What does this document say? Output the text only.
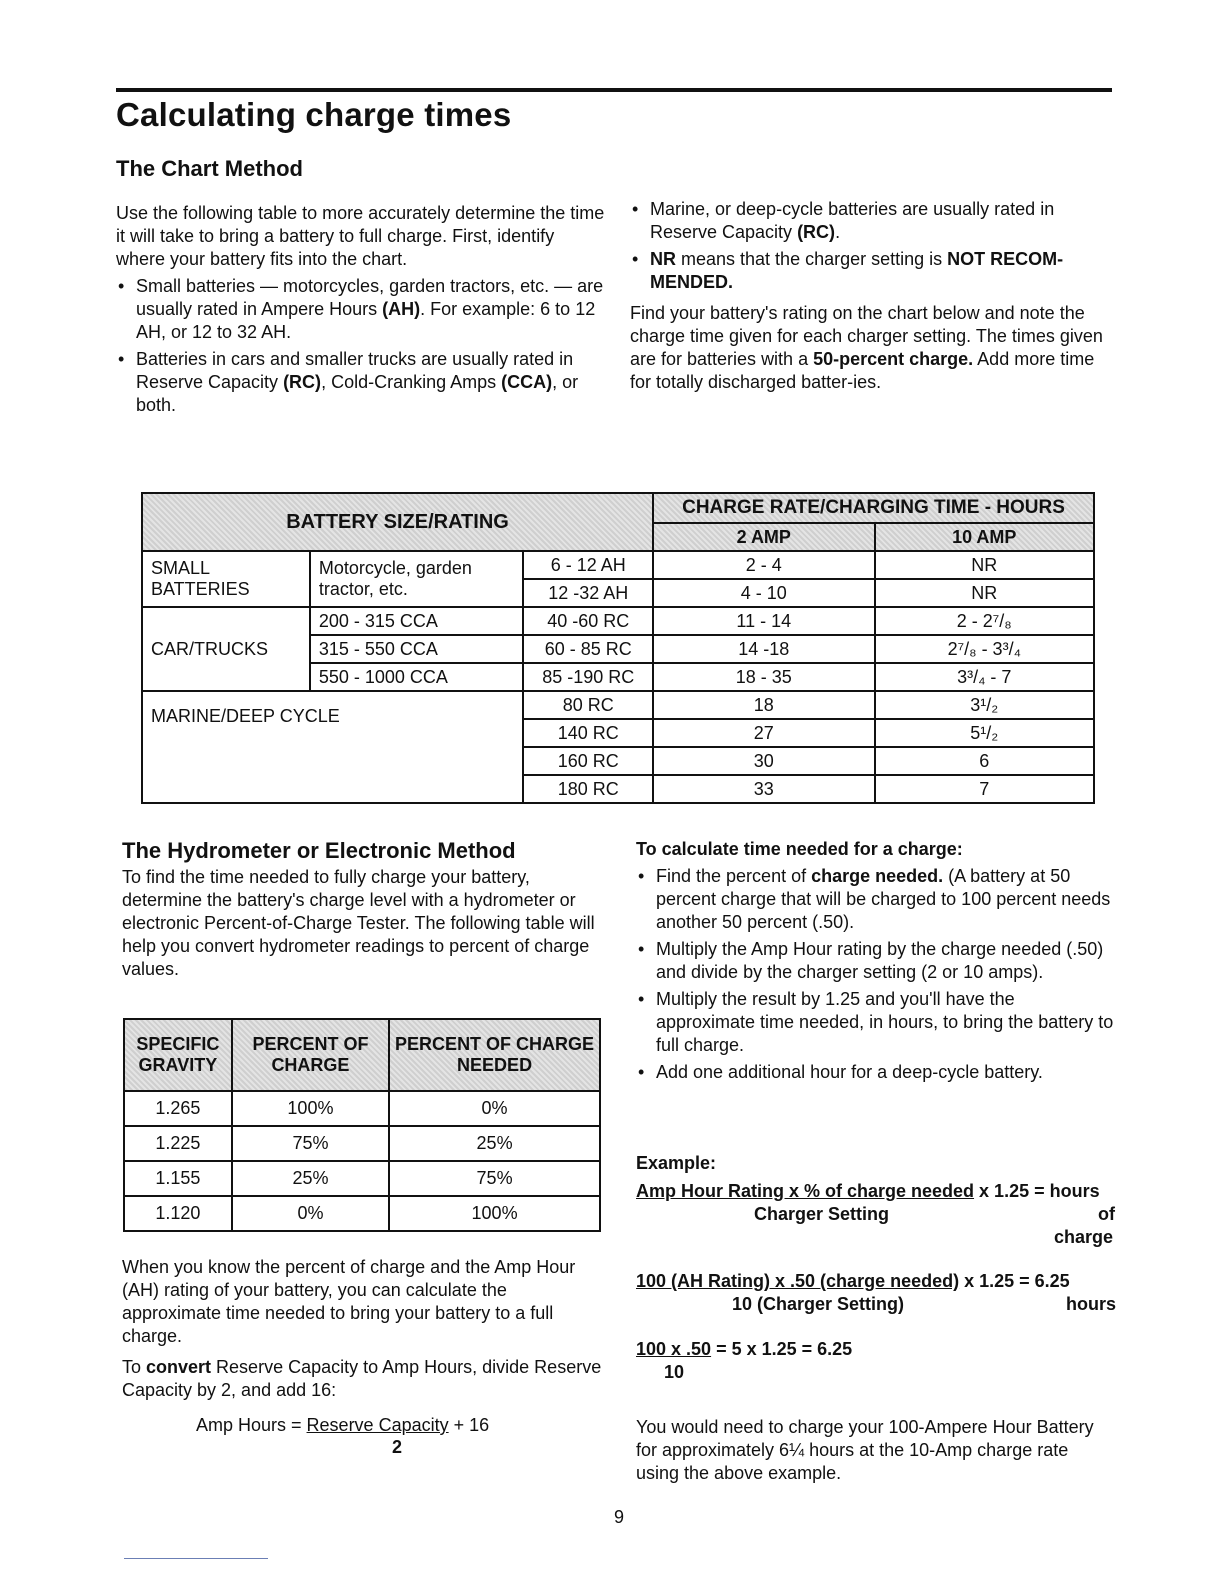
Calculating charge times
The Chart Method

Use the following table to more accurately determine the time it will take to bring a battery to full charge. First, identify where your battery fits into the chart.

• Small batteries — motorcycles, garden tractors, etc. — are usually rated in Ampere Hours (AH). For example: 6 to 12 AH, or 12 to 32 AH.
• Batteries in cars and smaller trucks are usually rated in Reserve Capacity (RC), Cold-Cranking Amps (CCA), or both.
• Marine, or deep-cycle batteries are usually rated in Reserve Capacity (RC).
• NR means that the charger setting is NOT RECOM-MENDED.

Find your battery's rating on the chart below and note the charge time given for each charger setting. The times given are for batteries with a 50-percent charge. Add more time for totally discharged batter-ies.

BATTERY SIZE/RATING			CHARGE RATE/CHARGING TIME - HOURS	
			2 AMP	10 AMP
SMALL BATTERIES	Motorcycle, garden tractor, etc.	6 - 12 AH	2 - 4	NR
		12 -32 AH	4 - 10	NR
CAR/TRUCKS	200 - 315 CCA	40 -60 RC	11 - 14	2 - 2⁷/₈
	315 - 550 CCA	60 - 85 RC	14 -18	2⁷/₈ - 3³/₄
	550 - 1000 CCA	85 -190 RC	18 - 35	3³/₄ - 7
MARINE/DEEP CYCLE		80 RC	18	3¹/₂
		140 RC	27	5¹/₂
		160 RC	30	6
		180 RC	33	7
The Hydrometer or Electronic Method
To find the time needed to fully charge your battery, determine the battery's charge level with a hydrometer or electronic Percent-of-Charge Tester. The following table will help you convert hydrometer readings to percent of charge values.
SPECIFIC GRAVITY	PERCENT OF CHARGE	PERCENT OF CHARGE NEEDED
1.265	100%	0%
1.225	75%	25%
1.155	25%	75%
1.120	0%	100%
When you know the percent of charge and the Amp Hour (AH) rating of your battery, you can calculate the approximate time needed to bring your battery to a full charge.
To convert Reserve Capacity to Amp Hours, divide Reserve Capacity by 2, and add 16:
Amp Hours = Reserve Capacity + 16
2

To calculate time needed for a charge:

• Find the percent of charge needed. (A battery at 50 percent charge that will be charged to 100 percent needs another 50 percent (.50).
• Multiply the Amp Hour rating by the charge needed (.50) and divide by the charger setting (2 or 10 amps).
• Multiply the result by 1.25 and you'll have the approximate time needed, in hours, to bring the battery to full charge.
• Add one additional hour for a deep-cycle battery.
Example:
Amp Hour Rating x % of charge needed x 1.25 = hours
Charger Setting	of
charge
100 (AH Rating) x .50 (charge needed) x 1.25 = 6.25
10 (Charger Setting)	hours
100 x .50 = 5 x 1.25 = 6.25
10
You would need to charge your 100-Ampere Hour Battery for approximately 6¼ hours at the 10-Amp charge rate using the above example.
9
